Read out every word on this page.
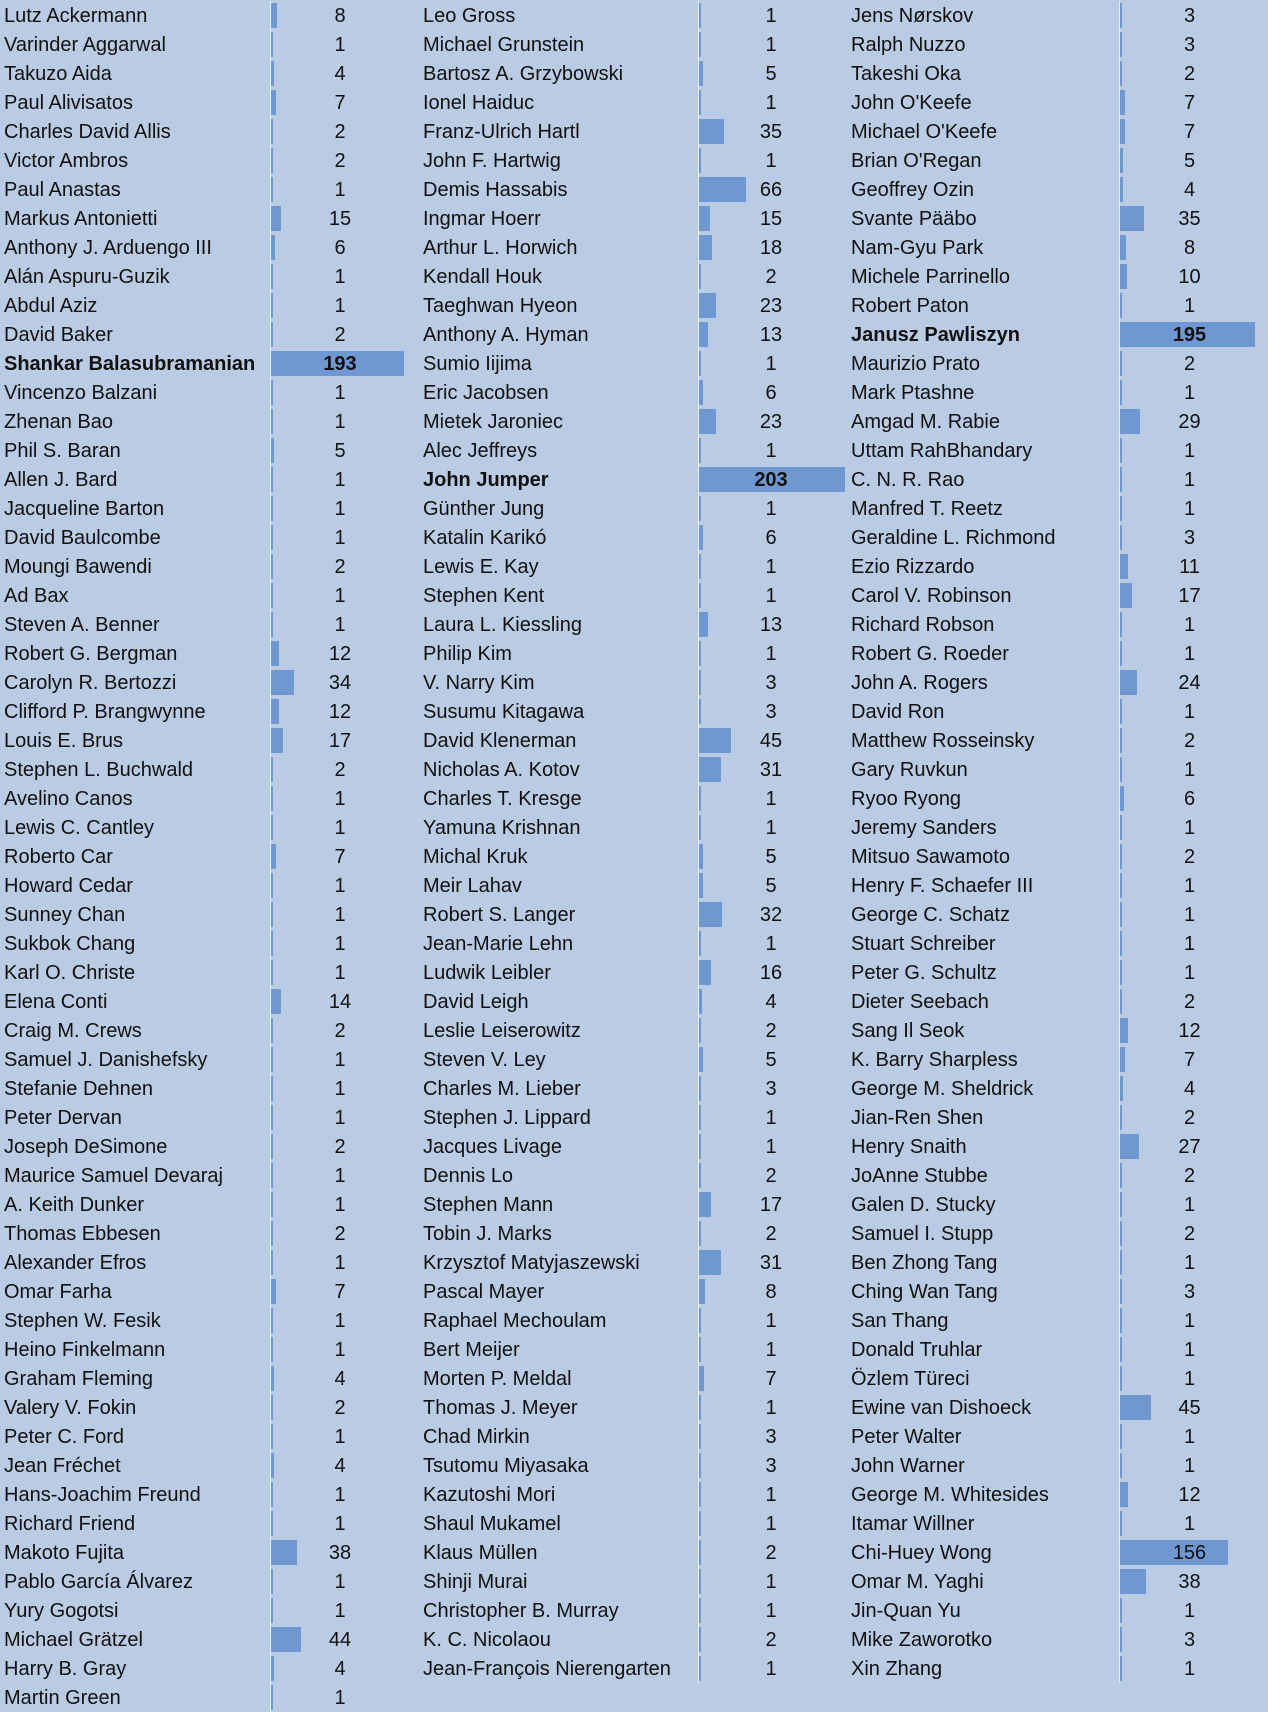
Lutz Ackermann	8
Varinder Aggarwal	1
Takuzo Aida	4
Paul Alivisatos	7
Charles David Allis	2
Victor Ambros	2
Paul Anastas	1
Markus Antonietti	15
Anthony J. Arduengo III	6
Alán Aspuru-Guzik	1
Abdul Aziz	1
David Baker	2
Shankar Balasubramanian	193
Vincenzo Balzani	1
Zhenan Bao	1
Phil S. Baran	5
Allen J. Bard	1
Jacqueline Barton	1
David Baulcombe	1
Moungi Bawendi	2
Ad Bax	1
Steven A. Benner	1
Robert G. Bergman	12
Carolyn R. Bertozzi	34
Clifford P. Brangwynne	12
Louis E. Brus	17
Stephen L. Buchwald	2
Avelino Canos	1
Lewis C. Cantley	1
Roberto Car	7
Howard Cedar	1
Sunney Chan	1
Sukbok Chang	1
Karl O. Christe	1
Elena Conti	14
Craig M. Crews	2
Samuel J. Danishefsky	1
Stefanie Dehnen	1
Peter Dervan	1
Joseph DeSimone	2
Maurice Samuel Devaraj	1
A. Keith Dunker	1
Thomas Ebbesen	2
Alexander Efros	1
Omar Farha	7
Stephen W. Fesik	1
Heino Finkelmann	1
Graham Fleming	4
Valery V. Fokin	2
Peter C. Ford	1
Jean Fréchet	4
Hans-Joachim Freund	1
Richard Friend	1
Makoto Fujita	38
Pablo García Álvarez	1
Yury Gogotsi	1
Michael Grätzel	44
Harry B. Gray	4
Martin Green	1
Leo Gross	1
Michael Grunstein	1
Bartosz A. Grzybowski	5
Ionel Haiduc	1
Franz-Ulrich Hartl	35
John F. Hartwig	1
Demis Hassabis	66
Ingmar Hoerr	15
Arthur L. Horwich	18
Kendall Houk	2
Taeghwan Hyeon	23
Anthony A. Hyman	13
Sumio Iijima	1
Eric Jacobsen	6
Mietek Jaroniec	23
Alec Jeffreys	1
John Jumper	203
Günther Jung	1
Katalin Karikó	6
Lewis E. Kay	1
Stephen Kent	1
Laura L. Kiessling	13
Philip Kim	1
V. Narry Kim	3
Susumu Kitagawa	3
David Klenerman	45
Nicholas A. Kotov	31
Charles T. Kresge	1
Yamuna Krishnan	1
Michal Kruk	5
Meir Lahav	5
Robert S. Langer	32
Jean-Marie Lehn	1
Ludwik Leibler	16
David Leigh	4
Leslie Leiserowitz	2
Steven V. Ley	5
Charles M. Lieber	3
Stephen J. Lippard	1
Jacques Livage	1
Dennis Lo	2
Stephen Mann	17
Tobin J. Marks	2
Krzysztof Matyjaszewski	31
Pascal Mayer	8
Raphael Mechoulam	1
Bert Meijer	1
Morten P. Meldal	7
Thomas J. Meyer	1
Chad Mirkin	3
Tsutomu Miyasaka	3
Kazutoshi Mori	1
Shaul Mukamel	1
Klaus Müllen	2
Shinji Murai	1
Christopher B. Murray	1
K. C. Nicolaou	2
Jean-François Nierengarten	1
Jens Nørskov	3
Ralph Nuzzo	3
Takeshi Oka	2
John O'Keefe	7
Michael O'Keefe	7
Brian O'Regan	5
Geoffrey Ozin	4
Svante Pääbo	35
Nam-Gyu Park	8
Michele Parrinello	10
Robert Paton	1
Janusz Pawliszyn	195
Maurizio Prato	2
Mark Ptashne	1
Amgad M. Rabie	29
Uttam RahBhandary	1
C. N. R. Rao	1
Manfred T. Reetz	1
Geraldine L. Richmond	3
Ezio Rizzardo	11
Carol V. Robinson	17
Richard Robson	1
Robert G. Roeder	1
John A. Rogers	24
David Ron	1
Matthew Rosseinsky	2
Gary Ruvkun	1
Ryoo Ryong	6
Jeremy Sanders	1
Mitsuo Sawamoto	2
Henry F. Schaefer III	1
George C. Schatz	1
Stuart Schreiber	1
Peter G. Schultz	1
Dieter Seebach	2
Sang Il Seok	12
K. Barry Sharpless	7
George M. Sheldrick	4
Jian-Ren Shen	2
Henry Snaith	27
JoAnne Stubbe	2
Galen D. Stucky	1
Samuel I. Stupp	2
Ben Zhong Tang	1
Ching Wan Tang	3
San Thang	1
Donald Truhlar	1
Özlem Türeci	1
Ewine van Dishoeck	45
Peter Walter	1
John Warner	1
George M. Whitesides	12
Itamar Willner	1
Chi-Huey Wong	156
Omar M. Yaghi	38
Jin-Quan Yu	1
Mike Zaworotko	3
Xin Zhang	1
